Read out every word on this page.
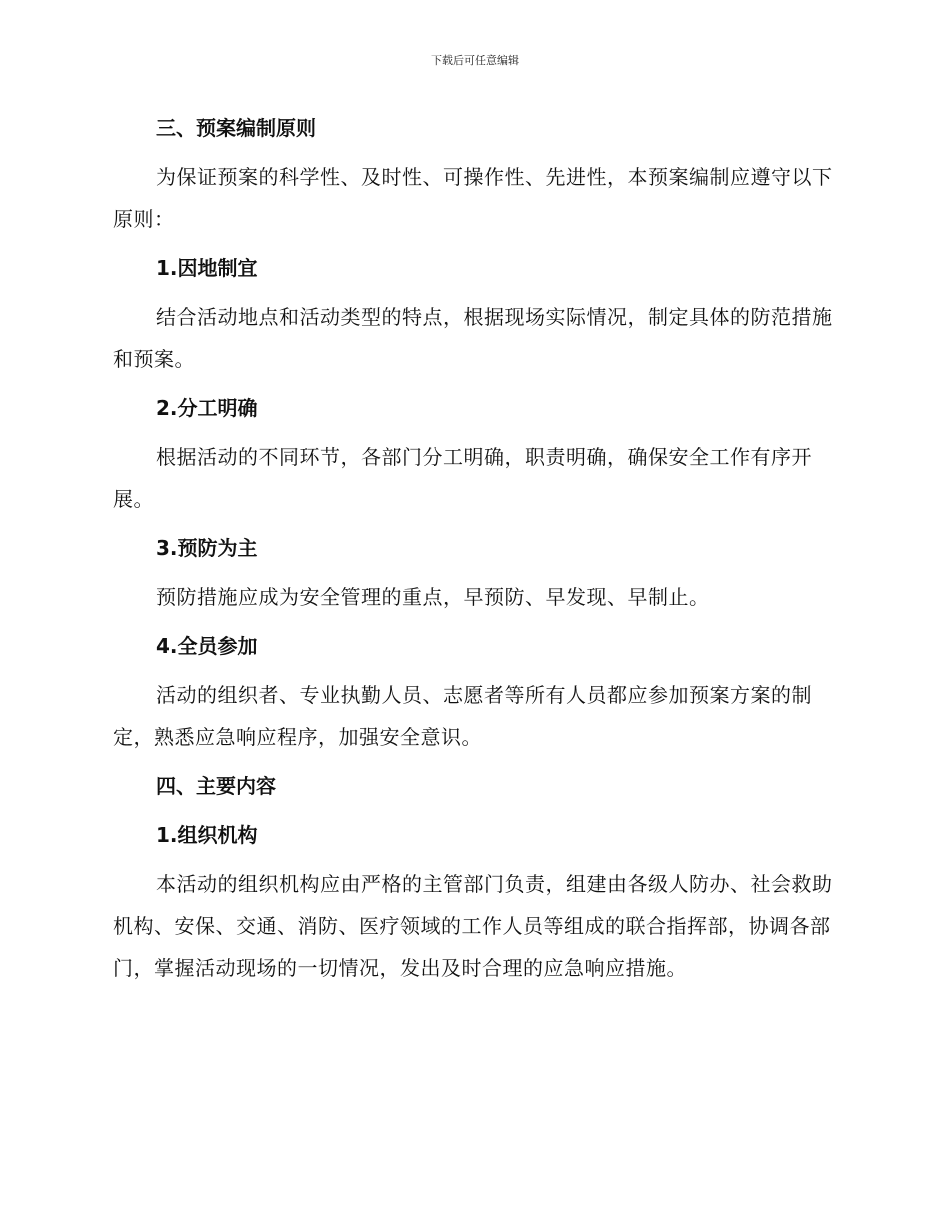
下载后可任意编辑
三、预案编制原则

为保证预案的科学性、及时性、可操作性、先进性，本预案编制应遵守以下原则：

1.因地制宜

结合活动地点和活动类型的特点，根据现场实际情况，制定具体的防范措施和预案。

2.分工明确

根据活动的不同环节，各部门分工明确，职责明确，确保安全工作有序开展。

3.预防为主

预防措施应成为安全管理的重点，早预防、早发现、早制止。

4.全员参加

活动的组织者、专业执勤人员、志愿者等所有人员都应参加预案方案的制定，熟悉应急响应程序，加强安全意识。

四、主要内容
1.组织机构

本活动的组织机构应由严格的主管部门负责，组建由各级人防办、社会救助机构、安保、交通、消防、医疗领域的工作人员等组成的联合指挥部，协调各部门，掌握活动现场的一切情况，发出及时合理的应急响应措施。
